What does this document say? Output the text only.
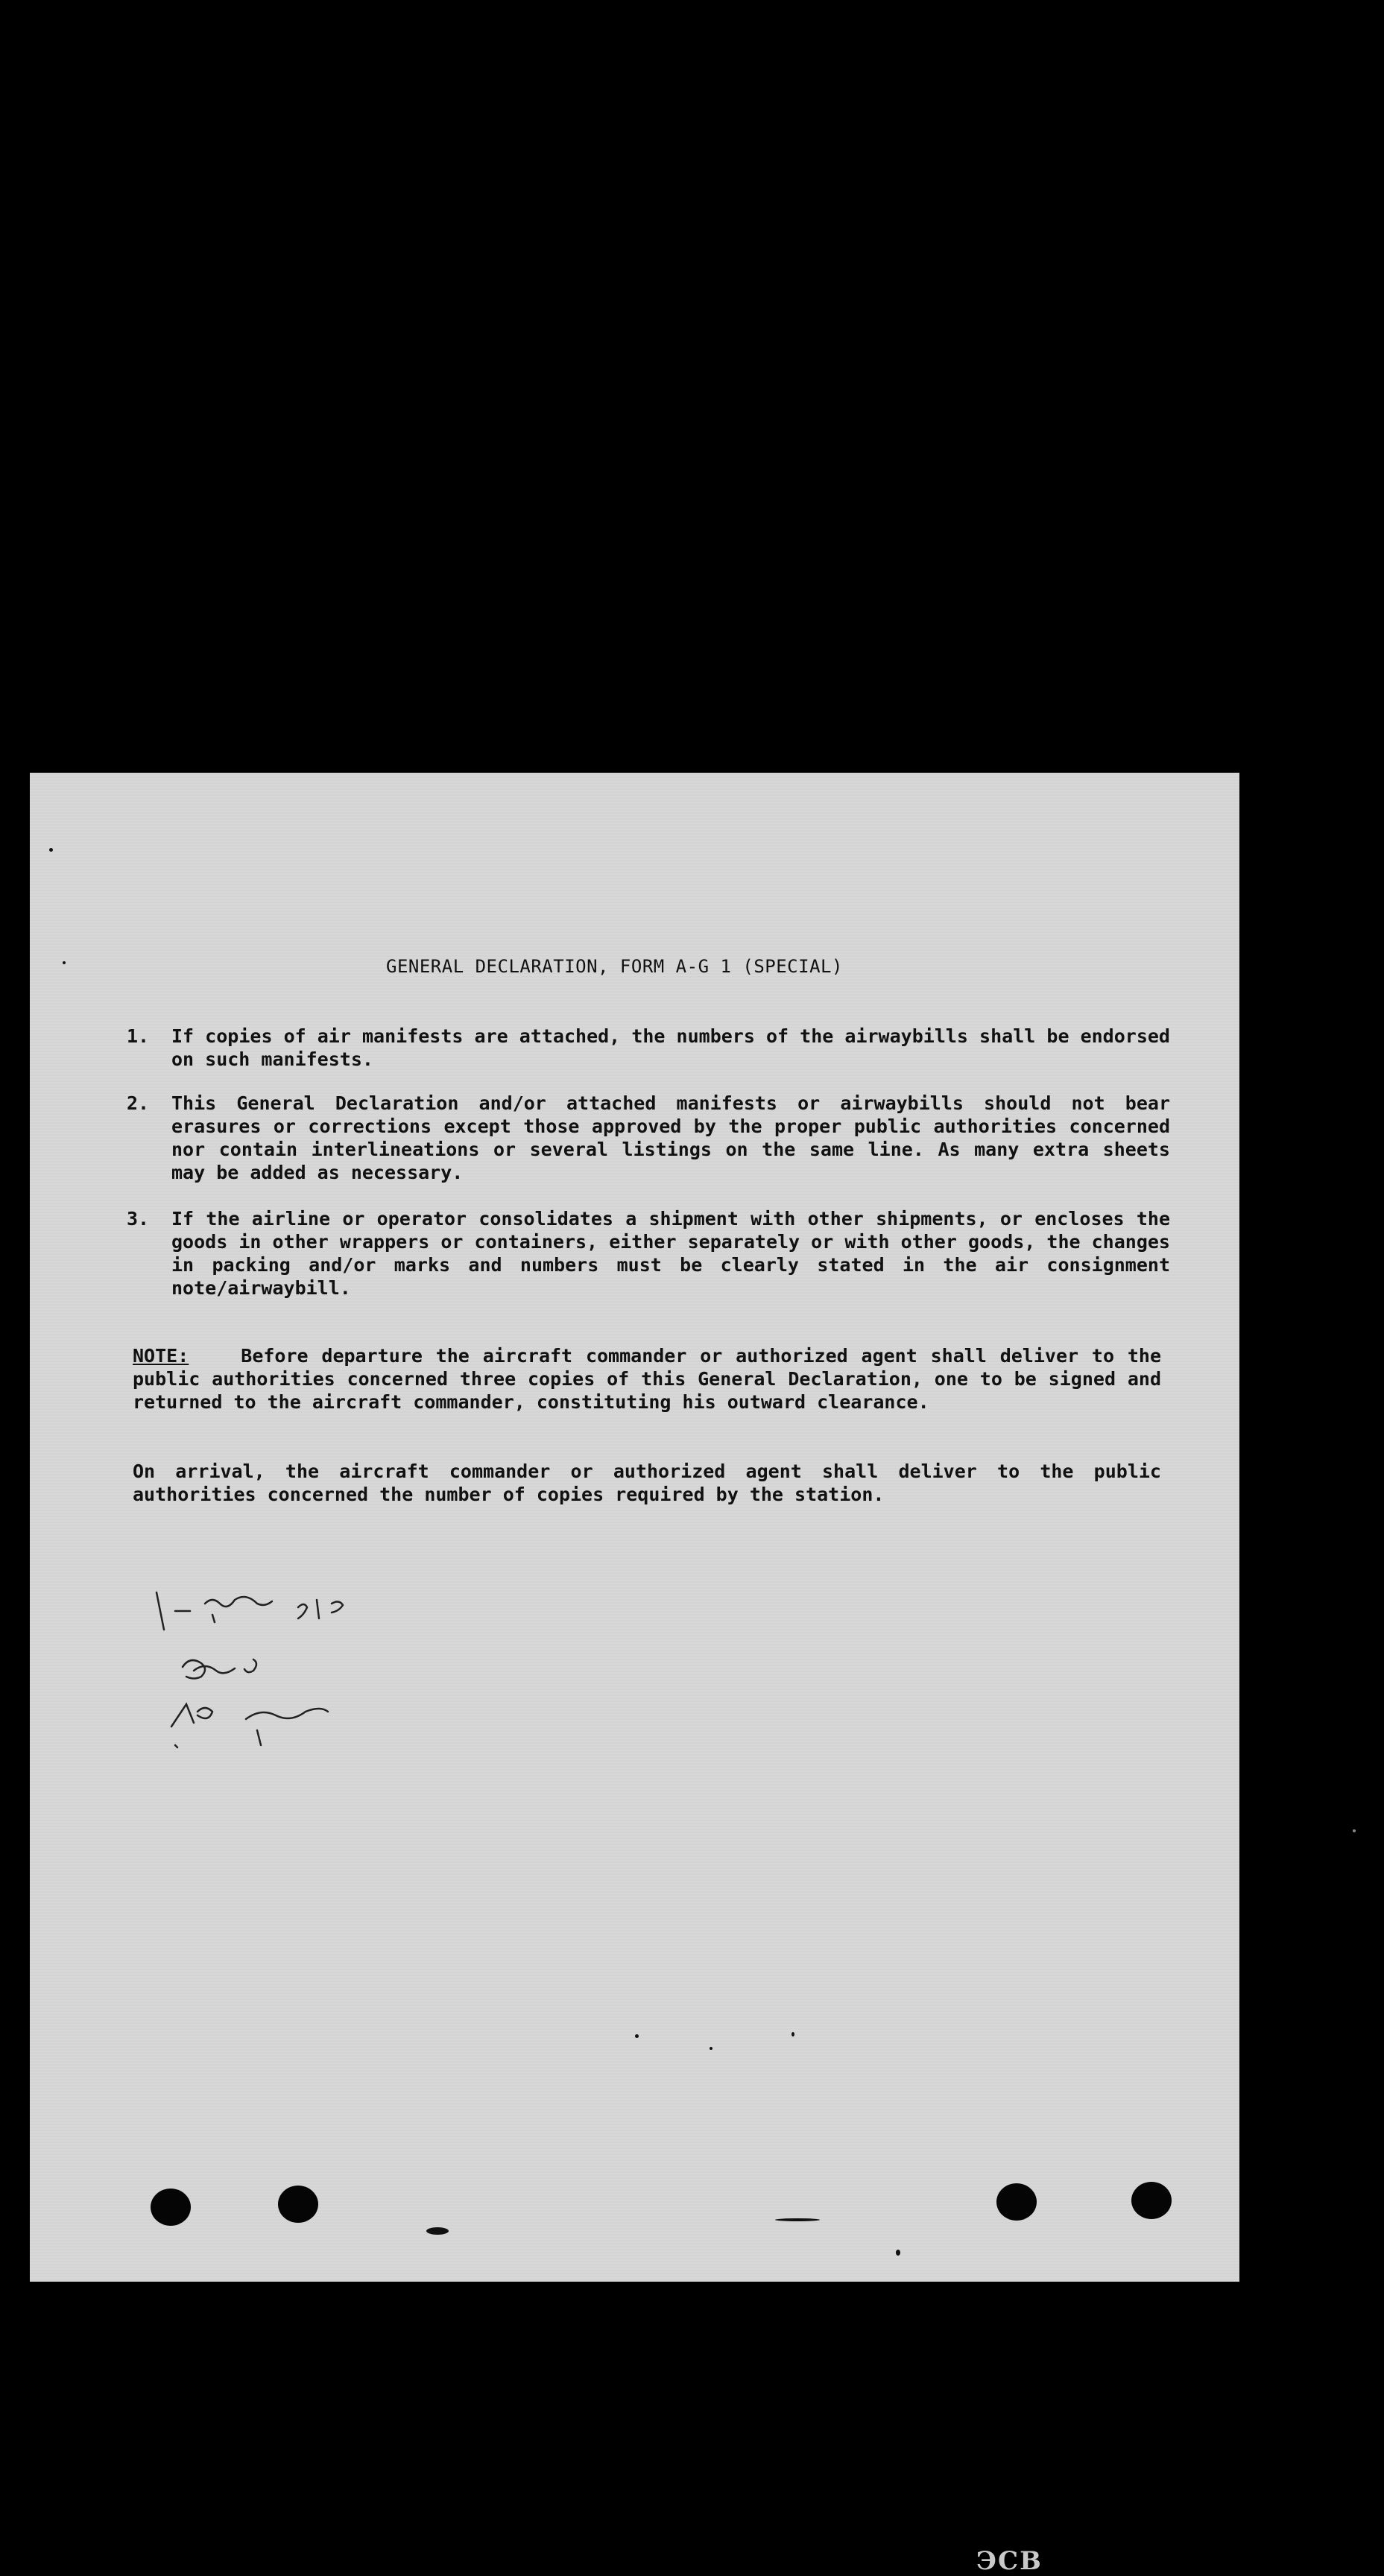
GENERAL DECLARATION, FORM A-G 1 (SPECIAL)
1. If copies of air manifests are attached, the numbers of the airwaybills shall be endorsed on such manifests.
2. This General Declaration and/or attached manifests or airwaybills should not bear erasures or corrections except those approved by the proper public authorities concerned nor contain interlineations or several listings on the same line. As many extra sheets may be added as necessary.
3. If the airline or operator consolidates a shipment with other shipments, or encloses the goods in other wrappers or containers, either separately or with other goods, the changes in packing and/or marks and numbers must be clearly stated in the air consignment note/airwaybill.
NOTE:	Before departure the aircraft commander or authorized agent shall deliver to the public authorities concerned three copies of this General Declaration, one to be signed and returned to the aircraft commander, constituting his outward clearance.
On arrival, the aircraft commander or authorized agent shall deliver to the public authorities concerned the number of copies required by the station.
ЭCB
